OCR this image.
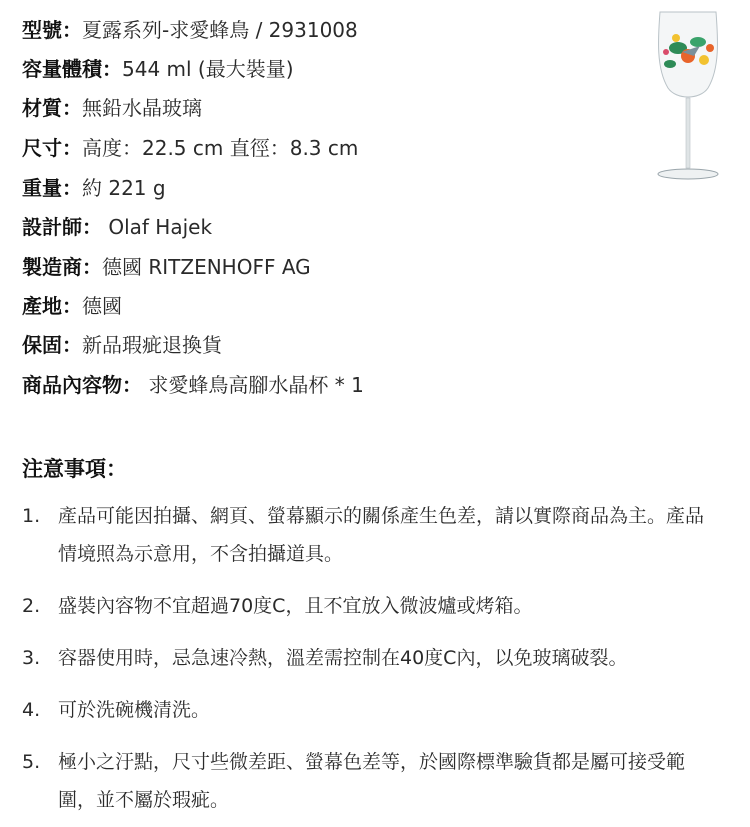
型號：夏露系列-求愛蜂鳥 / 2931008
容量體積：544 ml (最大裝量)
材質：無鉛水晶玻璃
尺寸：高度：22.5 cm 直徑：8.3 cm
重量：約 221 g
設計師： Olaf Hajek
製造商：德國 RITZENHOFF AG
產地：德國
保固：新品瑕疵退換貨
商品內容物： 求愛蜂鳥高腳水晶杯 * 1
注意事項：
1. 產品可能因拍攝、網頁、螢幕顯示的關係產生色差，請以實際商品為主。產品情境照為示意用，不含拍攝道具。
2. 盛裝內容物不宜超過70度C，且不宜放入微波爐或烤箱。
3. 容器使用時，忌急速冷熱，溫差需控制在40度C內，以免玻璃破裂。
4. 可於洗碗機清洗。
5. 極小之汙點，尺寸些微差距、螢幕色差等，於國際標準驗貨都是屬可接受範圍，並不屬於瑕疵。
